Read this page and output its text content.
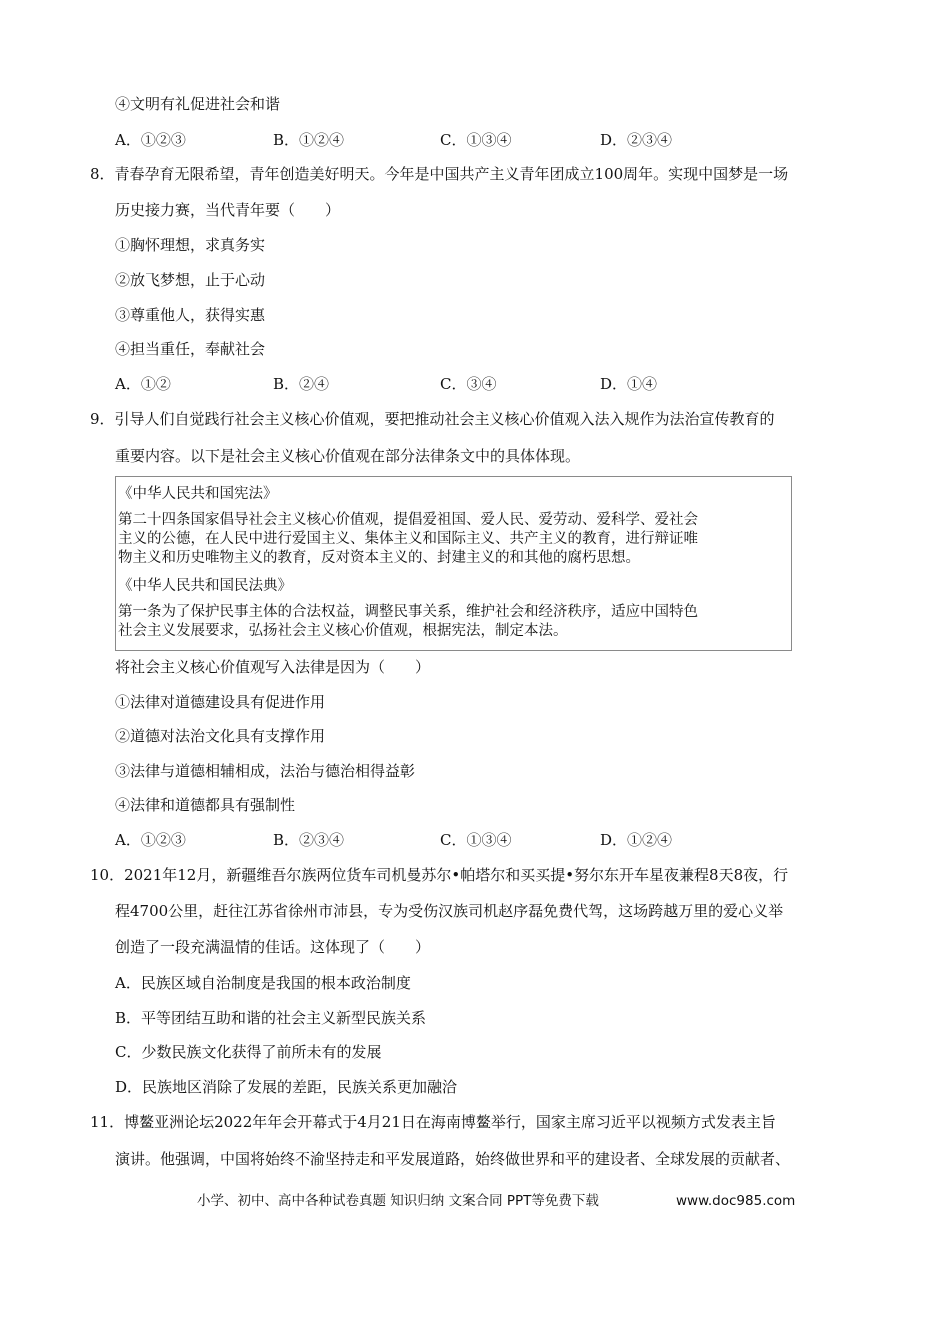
④文明有礼促进社会和谐
A．①②③	B．①②④	C．①③④	D．②③④
8．青春孕育无限希望，青年创造美好明天。今年是中国共产主义青年团成立100周年。实现中国梦是一场
历史接力赛，当代青年要（　　）
①胸怀理想，求真务实
②放飞梦想，止于心动
③尊重他人，获得实惠
④担当重任，奉献社会
A．①②	B．②④	C．③④	D．①④
9．引导人们自觉践行社会主义核心价值观，要把推动社会主义核心价值观入法入规作为法治宣传教育的
重要内容。以下是社会主义核心价值观在部分法律条文中的具体体现。
《中华人民共和国宪法》
第二十四条国家倡导社会主义核心价值观，提倡爱祖国、爱人民、爱劳动、爱科学、爱社会
主义的公德，在人民中进行爱国主义、集体主义和国际主义、共产主义的教育，进行辩证唯
物主义和历史唯物主义的教育，反对资本主义的、封建主义的和其他的腐朽思想。
《中华人民共和国民法典》
第一条为了保护民事主体的合法权益，调整民事关系，维护社会和经济秩序，适应中国特色
社会主义发展要求，弘扬社会主义核心价值观，根据宪法，制定本法。
将社会主义核心价值观写入法律是因为（　　）
①法律对道德建设具有促进作用
②道德对法治文化具有支撑作用
③法律与道德相辅相成，法治与德治相得益彰
④法律和道德都具有强制性
A．①②③	B．②③④	C．①③④	D．①②④
10．2021年12月，新疆维吾尔族两位货车司机曼苏尔•帕塔尔和买买提•努尔东开车星夜兼程8天8夜，行
程4700公里，赶往江苏省徐州市沛县，专为受伤汉族司机赵序磊免费代驾，这场跨越万里的爱心义举
创造了一段充满温情的佳话。这体现了（　　）
A．民族区域自治制度是我国的根本政治制度
B．平等团结互助和谐的社会主义新型民族关系
C．少数民族文化获得了前所未有的发展
D．民族地区消除了发展的差距，民族关系更加融洽
11．博鳌亚洲论坛2022年年会开幕式于4月21日在海南博鳌举行，国家主席习近平以视频方式发表主旨
演讲。他强调，中国将始终不渝坚持走和平发展道路，始终做世界和平的建设者、全球发展的贡献者、
小学、初中、高中各种试卷真题 知识归纳 文案合同 PPT等免费下载	www.doc985.com
